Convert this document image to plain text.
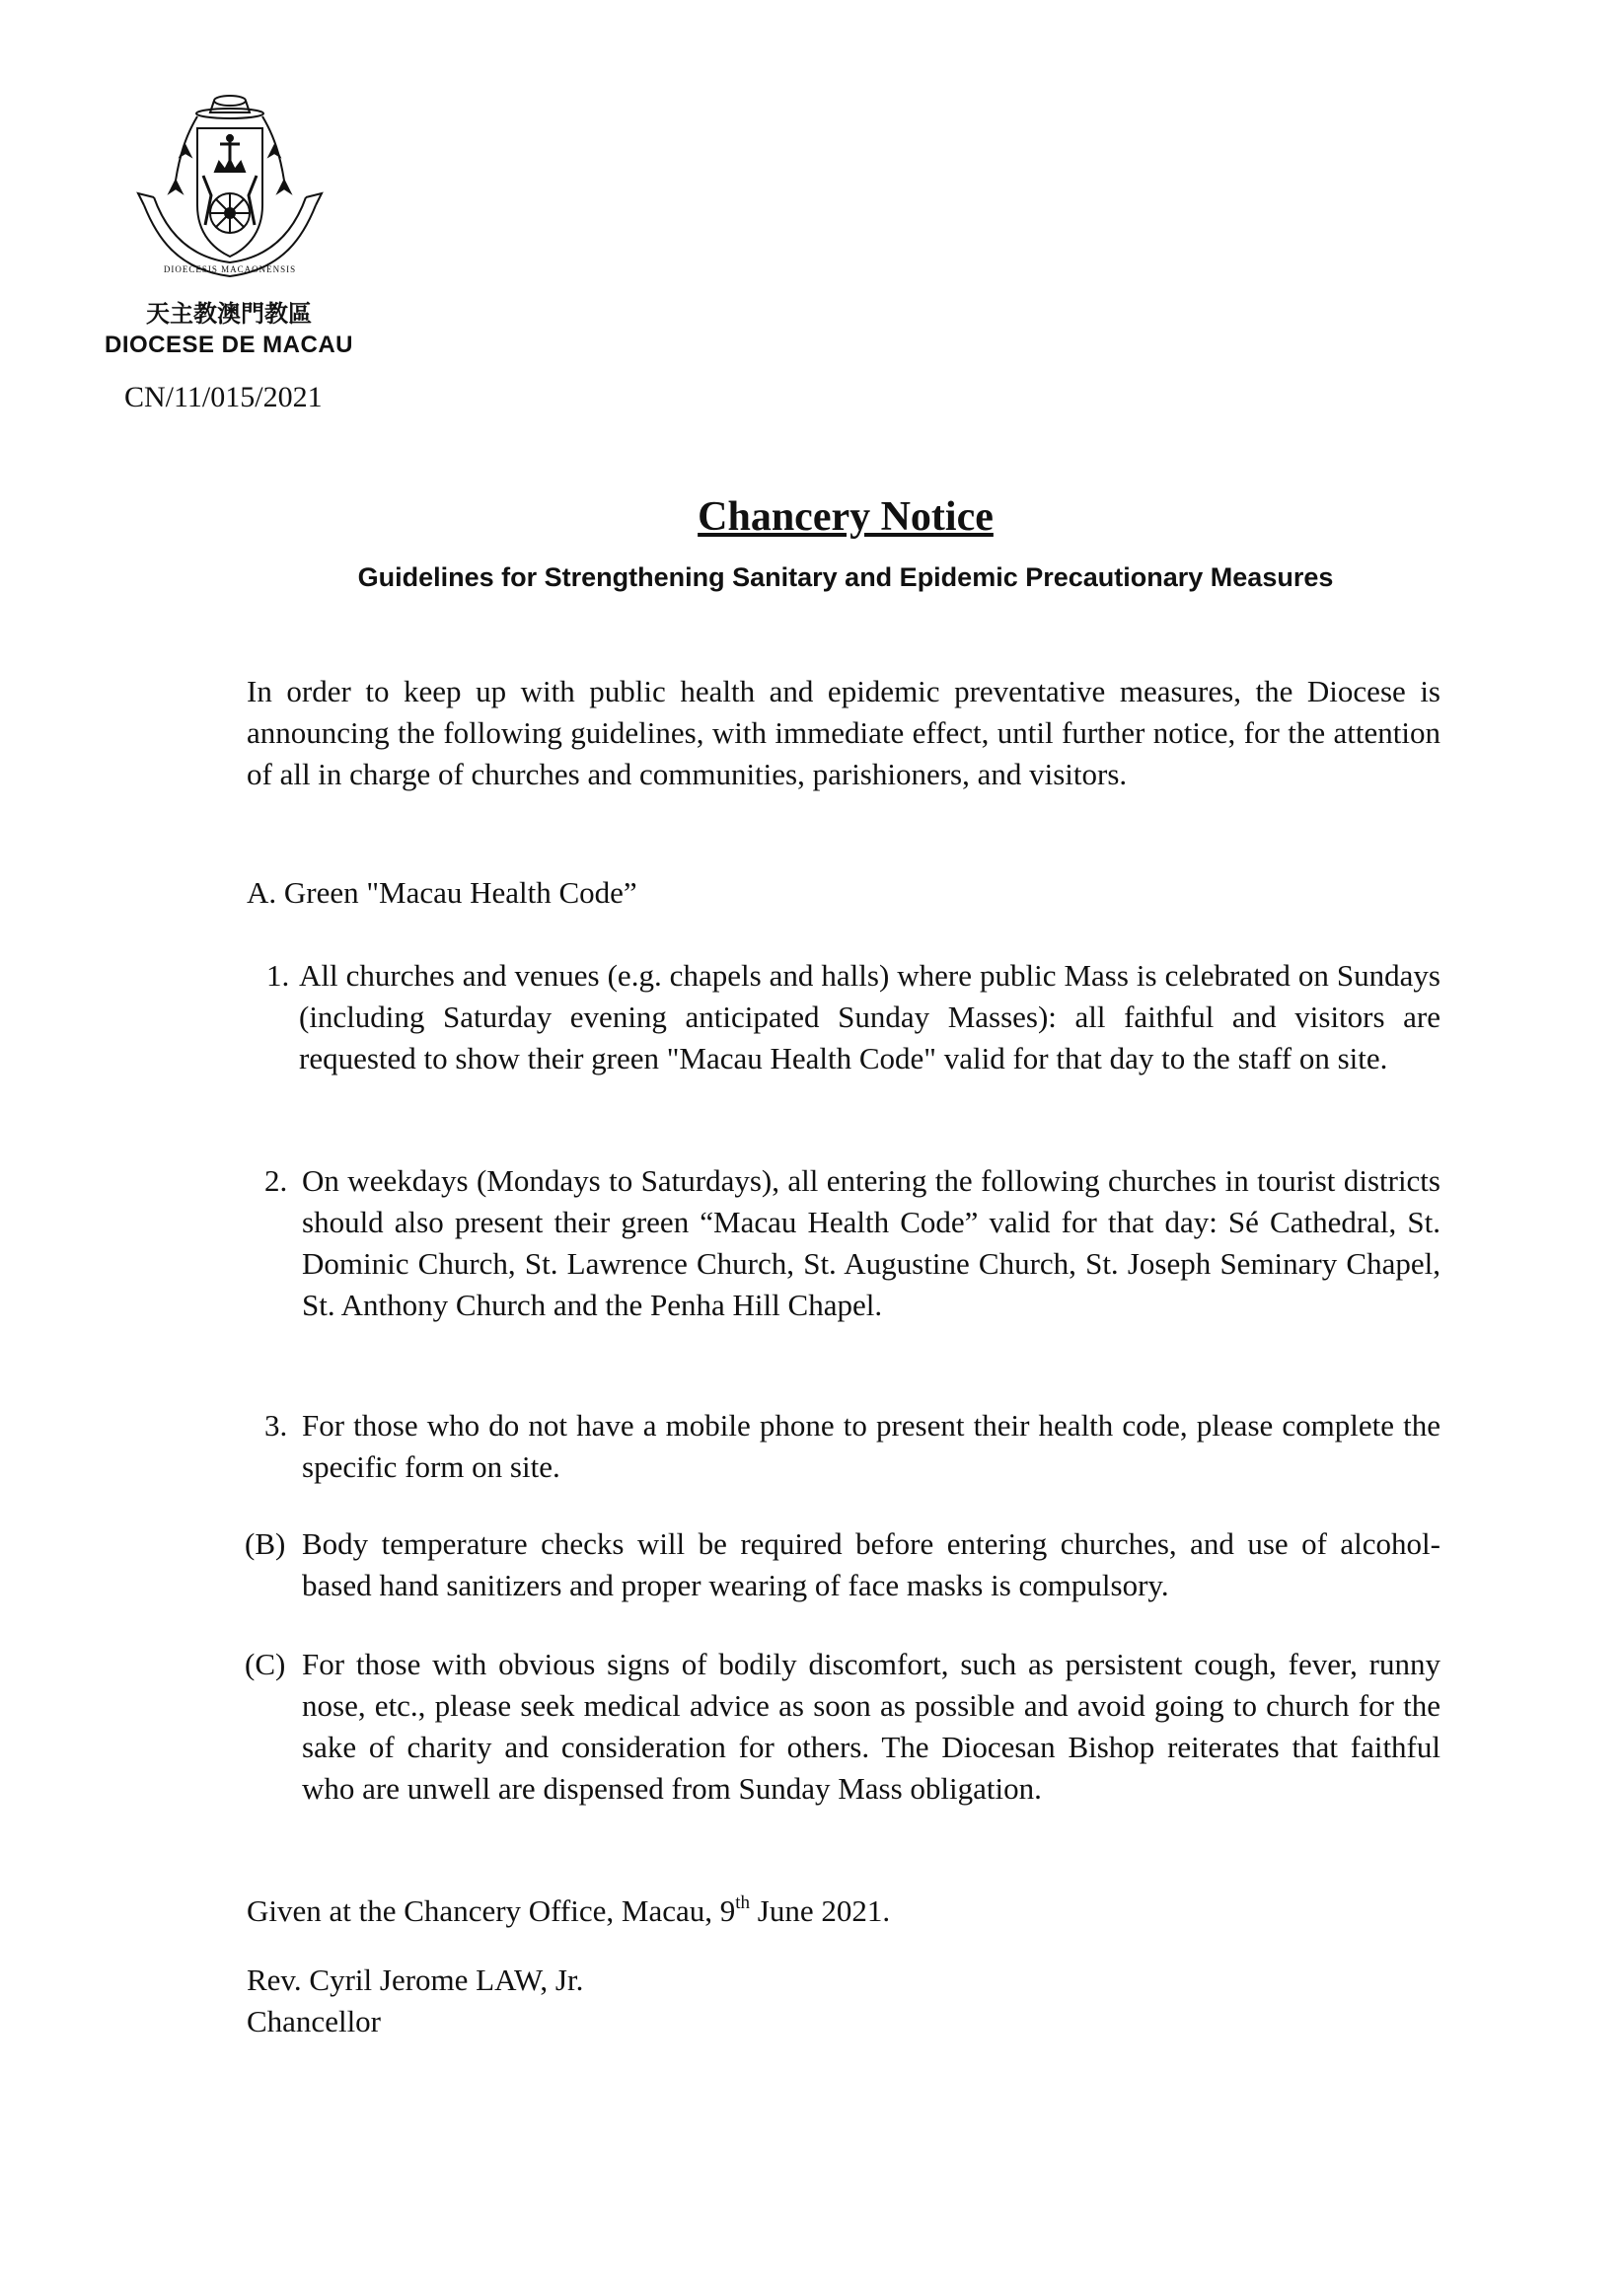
DIOECESIS MACAONENSIS
天主教澳門教區
DIOCESE DE MACAU
CN/11/015/2021
Chancery Notice
Guidelines for Strengthening Sanitary and Epidemic Precautionary Measures
In order to keep up with public health and epidemic preventative measures, the Diocese is announcing the following guidelines, with immediate effect, until further notice, for the attention of all in charge of churches and communities, parishioners, and visitors.
A. Green "Macau Health Code”
1. All churches and venues (e.g. chapels and halls) where public Mass is celebrated on Sundays (including Saturday evening anticipated Sunday Masses): all faithful and visitors are requested to show their green "Macau Health Code" valid for that day to the staff on site.
2. On weekdays (Mondays to Saturdays), all entering the following churches in tourist districts should also present their green “Macau Health Code” valid for that day: Sé Cathedral, St. Dominic Church, St. Lawrence Church, St. Augustine Church, St. Joseph Seminary Chapel, St. Anthony Church and the Penha Hill Chapel.
3. For those who do not have a mobile phone to present their health code, please complete the specific form on site.
(B) Body temperature checks will be required before entering churches, and use of alcohol-based hand sanitizers and proper wearing of face masks is compulsory.
(C) For those with obvious signs of bodily discomfort, such as persistent cough, fever, runny nose, etc., please seek medical advice as soon as possible and avoid going to church for the sake of charity and consideration for others. The Diocesan Bishop reiterates that faithful who are unwell are dispensed from Sunday Mass obligation.
Given at the Chancery Office, Macau, 9th June 2021.
Rev. Cyril Jerome LAW, Jr.
Chancellor
